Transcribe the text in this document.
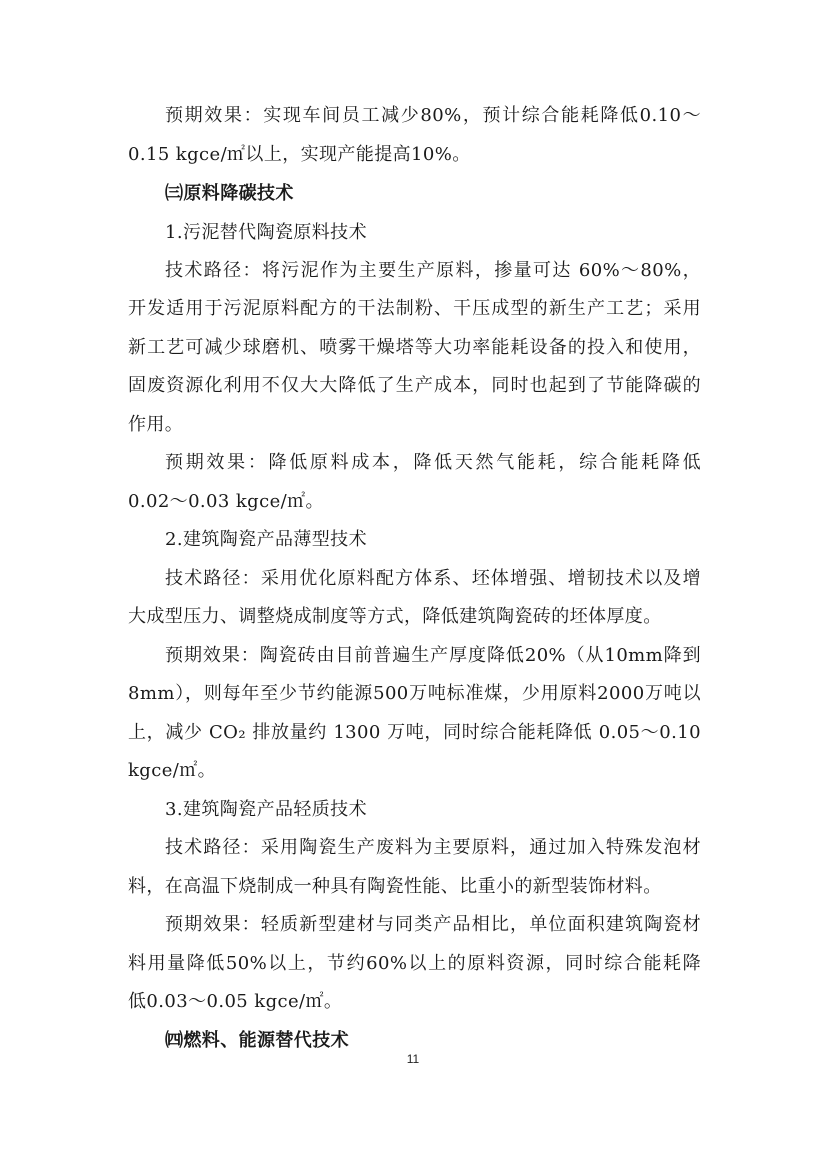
预期效果：实现车间员工减少80%，预计综合能耗降低0.10～
0.15 kgce/㎡以上，实现产能提高10%。
㈢原料降碳技术
1.污泥替代陶瓷原料技术
技术路径：将污泥作为主要生产原料，掺量可达 60%～80%，
开发适用于污泥原料配方的干法制粉、干压成型的新生产工艺；采用
新工艺可减少球磨机、喷雾干燥塔等大功率能耗设备的投入和使用，
固废资源化利用不仅大大降低了生产成本，同时也起到了节能降碳的
作用。
预期效果：降低原料成本，降低天然气能耗，综合能耗降低
0.02～0.03 kgce/㎡。
2.建筑陶瓷产品薄型技术
技术路径：采用优化原料配方体系、坯体增强、增韧技术以及增
大成型压力、调整烧成制度等方式，降低建筑陶瓷砖的坯体厚度。
预期效果：陶瓷砖由目前普遍生产厚度降低20%（从10mm降到
8mm），则每年至少节约能源500万吨标准煤，少用原料2000万吨以
上，减少 CO₂ 排放量约 1300 万吨，同时综合能耗降低 0.05～0.10
kgce/㎡。
3.建筑陶瓷产品轻质技术
技术路径：采用陶瓷生产废料为主要原料，通过加入特殊发泡材
料，在高温下烧制成一种具有陶瓷性能、比重小的新型装饰材料。
预期效果：轻质新型建材与同类产品相比，单位面积建筑陶瓷材
料用量降低50%以上，节约60%以上的原料资源，同时综合能耗降
低0.03～0.05 kgce/㎡。
㈣燃料、能源替代技术
11
